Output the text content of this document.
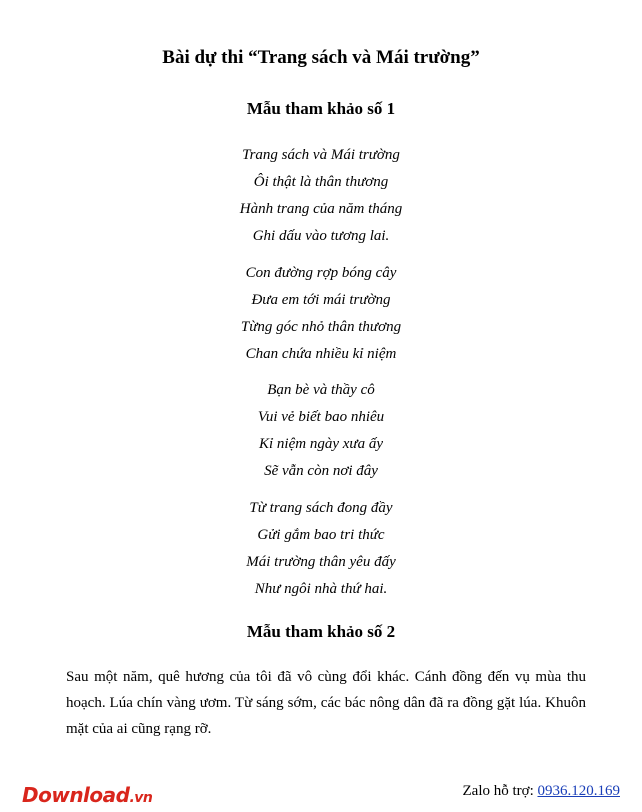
Bài dự thi “Trang sách và Mái trường”
Mẫu tham khảo số 1
Trang sách và Mái trường
Ôi thật là thân thương
Hành trang của năm tháng
Ghi dấu vào tương lai.
Con đường rợp bóng cây
Đưa em tới mái trường
Từng góc nhỏ thân thương
Chan chứa nhiều kỉ niệm
Bạn bè và thầy cô
Vui vẻ biết bao nhiêu
Kỉ niệm ngày xưa ấy
Sẽ vẫn còn nơi đây
Từ trang sách đong đầy
Gửi gắm bao tri thức
Mái trường thân yêu đấy
Như ngôi nhà thứ hai.
Mẫu tham khảo số 2
Sau một năm, quê hương của tôi đã vô cùng đổi khác. Cánh đồng đến vụ mùa thu hoạch. Lúa chín vàng ươm. Từ sáng sớm, các bác nông dân đã ra đồng gặt lúa. Khuôn mặt của ai cũng rạng rỡ.
Download.vn	Zalo hỗ trợ: 0936.120.169
